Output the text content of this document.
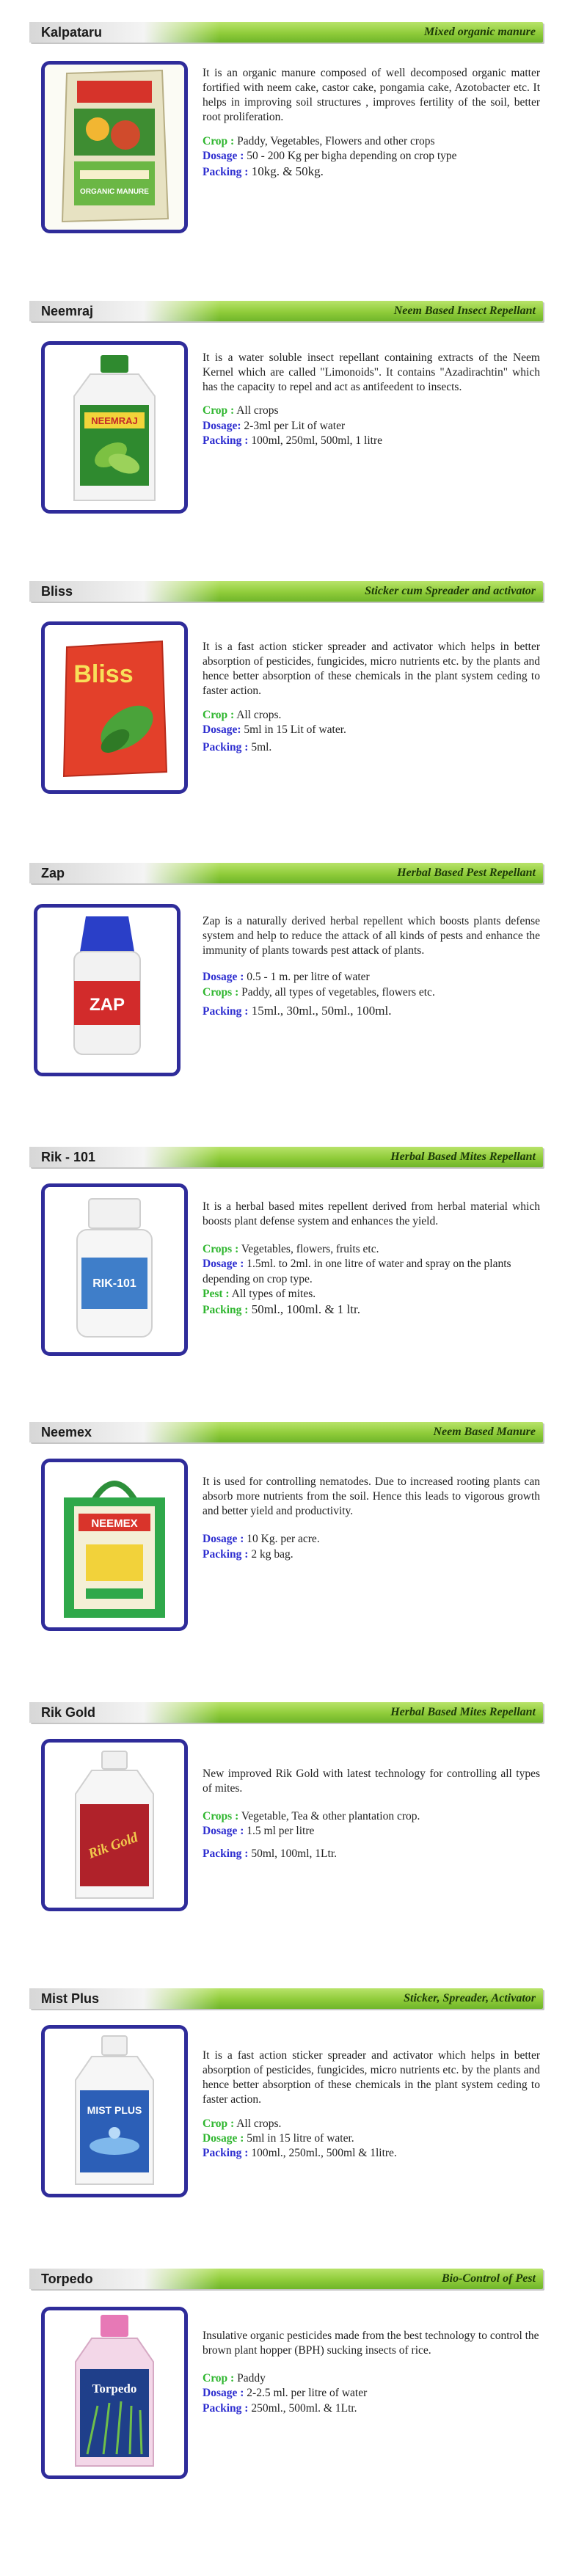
Kalpataru	Mixed organic manure
ORGANIC MANURE

It is an organic manure composed of well decomposed organic matter fortified with neem cake, castor cake, pongamia cake, Azotobacter etc. It helps in improving soil structures , improves fertility of the soil, better root proliferation.

Crop : Paddy, Vegetables, Flowers and other crops

Dosage : 50 - 200 Kg per bigha depending on crop type

Packing : 10kg. & 50kg.

Neemraj	Neem Based Insect Repellant
NEEMRAJ

It is a water soluble insect repellant containing extracts of the Neem Kernel which are called "Limonoids". It contains "Azadirachtin" which has the capacity to repel and act as antifeedent to insects.

Crop : All crops

Dosage: 2-3ml per Lit of water

Packing : 100ml, 250ml, 500ml, 1 litre

Bliss	Sticker cum Spreader and activator
Bliss

It is a fast action sticker spreader and activator which helps in better absorption of pesticides, fungicides, micro nutrients etc. by the plants and hence better absorption of these chemicals in the plant system ceding to faster action.

Crop : All crops.

Dosage: 5ml in 15 Lit of water.

Packing : 5ml.

Zap	Herbal Based Pest Repellant
ZAP

Zap is a naturally derived herbal repellent which boosts plants defense system and help to reduce the attack of all kinds of pests and enhance the immunity of plants towards pest attack of plants.

Dosage : 0.5 - 1 m. per litre of water

Crops : Paddy, all types of vegetables, flowers etc.

Packing : 15ml., 30ml., 50ml., 100ml.

Rik - 101	Herbal Based Mites Repellant
RIK-101

It is a herbal based mites repellent derived from herbal material which boosts plant defense system and enhances the yield.

Crops : Vegetables, flowers, fruits etc.

Dosage : 1.5ml. to 2ml. in one litre of water and spray on the plants depending on crop type.

Pest : All types of mites.

Packing : 50ml., 100ml. & 1 ltr.

Neemex	Neem Based Manure
NEEMEX

It is used for controlling nematodes. Due to increased rooting plants can absorb more nutrients from the soil. Hence this leads to vigorous growth and better yield and productivity.

Dosage : 10 Kg. per acre.

Packing : 2 kg bag.

Rik Gold	Herbal Based Mites Repellant
Rik Gold

New improved Rik Gold with latest technology for controlling all types of mites.

Crops : Vegetable, Tea & other plantation crop.

Dosage : 1.5 ml per litre

Packing : 50ml, 100ml, 1Ltr.

Mist Plus	Sticker, Spreader, Activator
MIST PLUS

It is a fast action sticker spreader and activator which helps in better absorption of pesticides, fungicides, micro nutrients etc. by the plants and hence better absorption of these chemicals in the plant system ceding to faster action.

Crop : All crops.

Dosage : 5ml in 15 litre of water.

Packing : 100ml., 250ml., 500ml & 1litre.

Torpedo	Bio-Control of Pest
Torpedo

Insulative organic pesticides made from the best technology to control the brown plant hopper (BPH) sucking insects of rice.

Crop : Paddy

Dosage : 2-2.5 ml. per litre of water

Packing : 250ml., 500ml. & 1Ltr.
